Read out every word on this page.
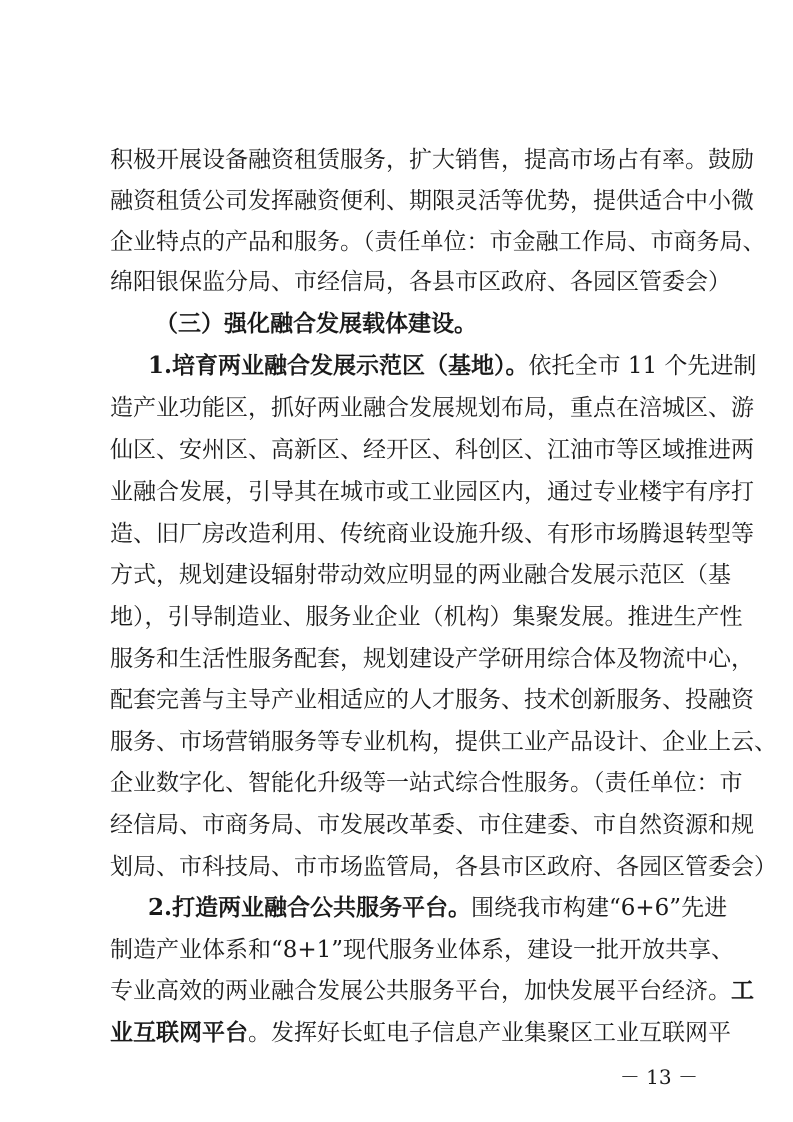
积极开展设备融资租赁服务，扩大销售，提高市场占有率。鼓励
融资租赁公司发挥融资便利、期限灵活等优势，提供适合中小微
企业特点的产品和服务。（责任单位：市金融工作局、市商务局、
绵阳银保监分局、市经信局，各县市区政府、各园区管委会）
（三）强化融合发展载体建设。
1.培育两业融合发展示范区（基地）。依托全市 11 个先进制
造产业功能区，抓好两业融合发展规划布局，重点在涪城区、游
仙区、安州区、高新区、经开区、科创区、江油市等区域推进两
业融合发展，引导其在城市或工业园区内，通过专业楼宇有序打
造、旧厂房改造利用、传统商业设施升级、有形市场腾退转型等
方式，规划建设辐射带动效应明显的两业融合发展示范区（基
地），引导制造业、服务业企业（机构）集聚发展。推进生产性
服务和生活性服务配套，规划建设产学研用综合体及物流中心，
配套完善与主导产业相适应的人才服务、技术创新服务、投融资
服务、市场营销服务等专业机构，提供工业产品设计、企业上云、
企业数字化、智能化升级等一站式综合性服务。（责任单位：市
经信局、市商务局、市发展改革委、市住建委、市自然资源和规
划局、市科技局、市市场监管局，各县市区政府、各园区管委会）
2.打造两业融合公共服务平台。围绕我市构建“6+6”先进
制造产业体系和“8+1”现代服务业体系，建设一批开放共享、
专业高效的两业融合发展公共服务平台，加快发展平台经济。工
业互联网平台。发挥好长虹电子信息产业集聚区工业互联网平
－ 13 －
